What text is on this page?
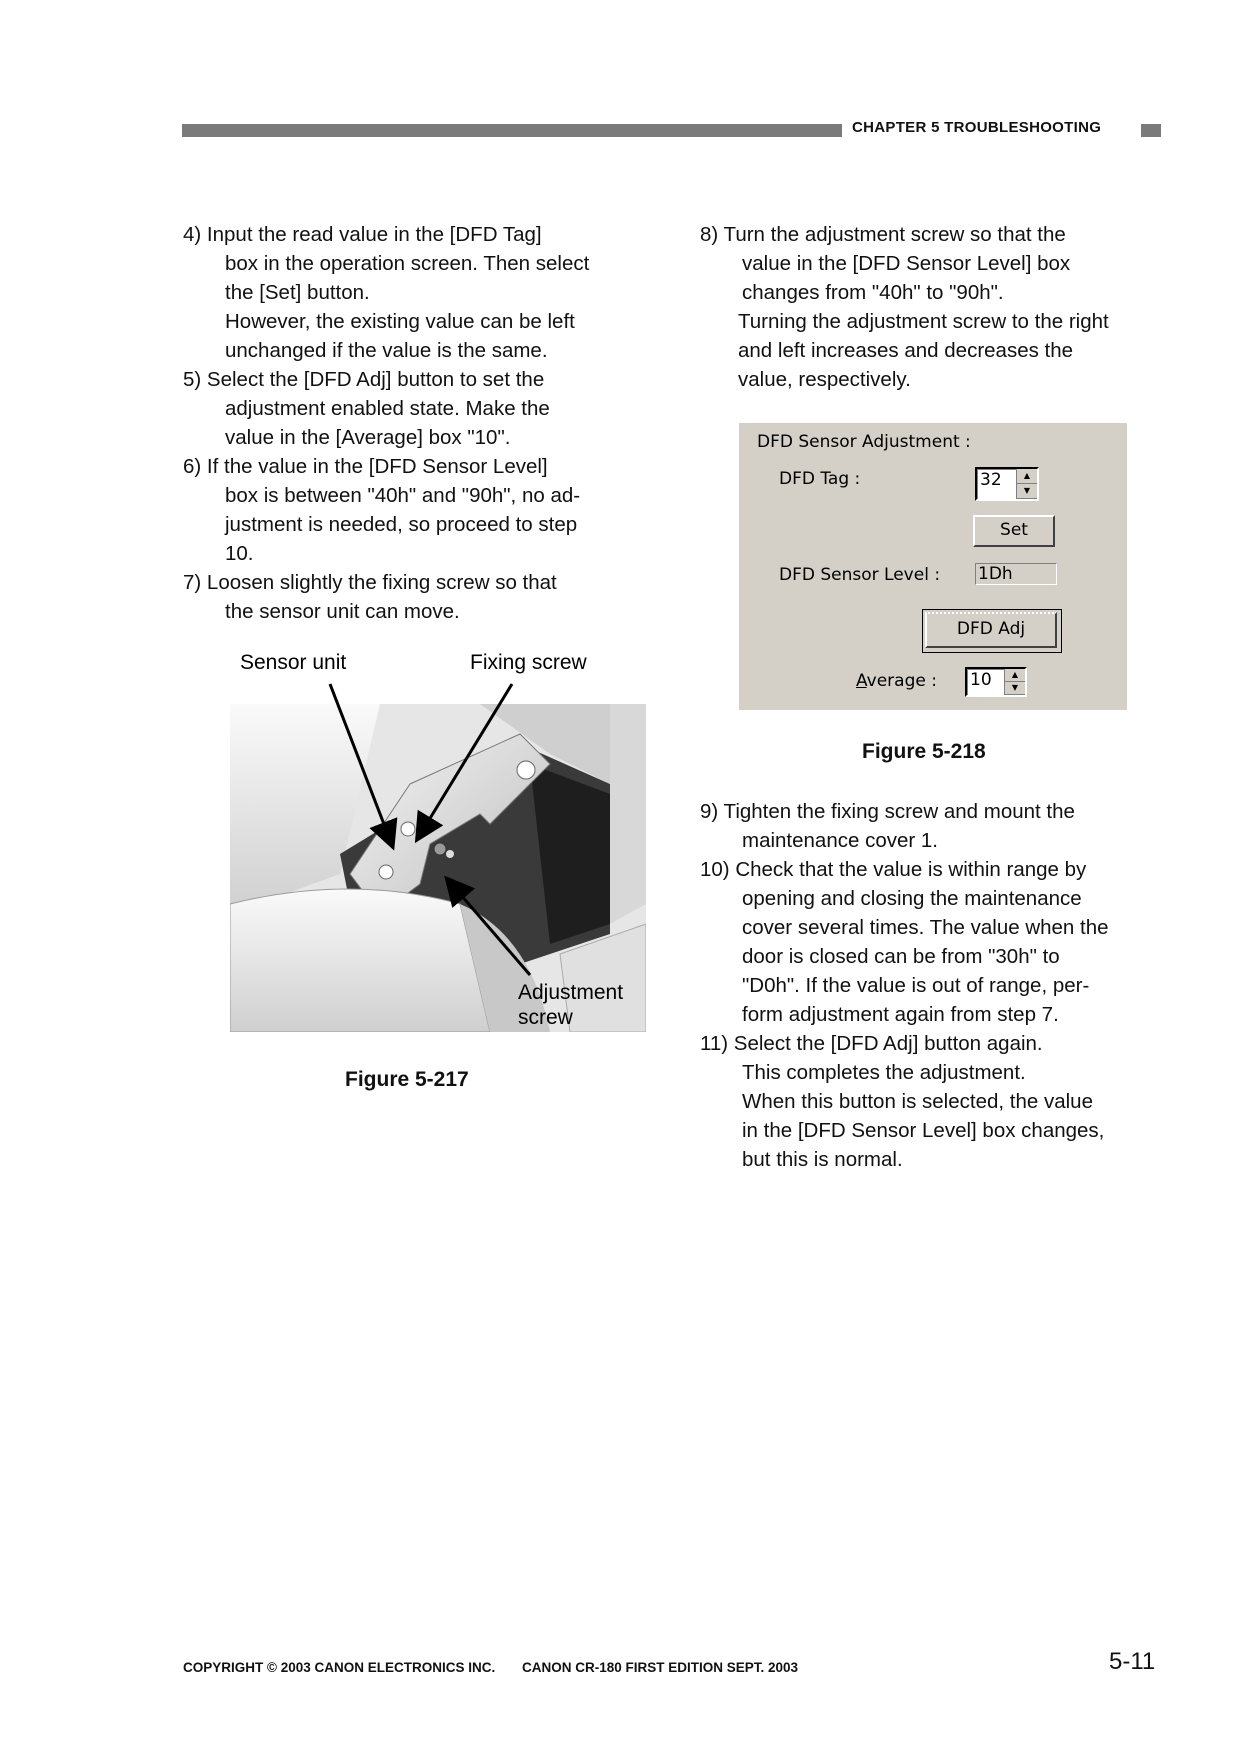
CHAPTER 5 TROUBLESHOOTING
4) Input the read value in the [DFD Tag]
box in the operation screen. Then select
the [Set] button.
However, the existing value can be left
unchanged if the value is the same.
5) Select the [DFD Adj] button to set the
adjustment enabled state. Make the
value in the [Average] box "10".
6) If the value in the [DFD Sensor Level]
box is between "40h" and "90h", no ad-
justment is needed, so proceed to step
10.
7) Loosen slightly the fixing screw so that
the sensor unit can move.
Sensor unit	Fixing screw
Adjustment
screw
Figure 5-217
8) Turn the adjustment screw so that the
value in the [DFD Sensor Level] box
changes from "40h" to "90h".
Turning the adjustment screw to the right
and left increases and decreases the
value, respectively.
DFD Sensor Adjustment :
DFD Tag :	32	▲
▼
Set
DFD Sensor Level : 1Dh
DFD Adj
Average : 10	▲
▼
Figure 5-218
9) Tighten the fixing screw and mount the
maintenance cover 1.
10) Check that the value is within range by
opening and closing the maintenance
cover several times. The value when the
door is closed can be from "30h" to
"D0h". If the value is out of range, per-
form adjustment again from step 7.
11) Select the [DFD Adj] button again.
This completes the adjustment.
When this button is selected, the value
in the [DFD Sensor Level] box changes,
but this is normal.
COPYRIGHT © 2003 CANON ELECTRONICS INC. CANON CR-180 FIRST EDITION SEPT. 2003	5-11
